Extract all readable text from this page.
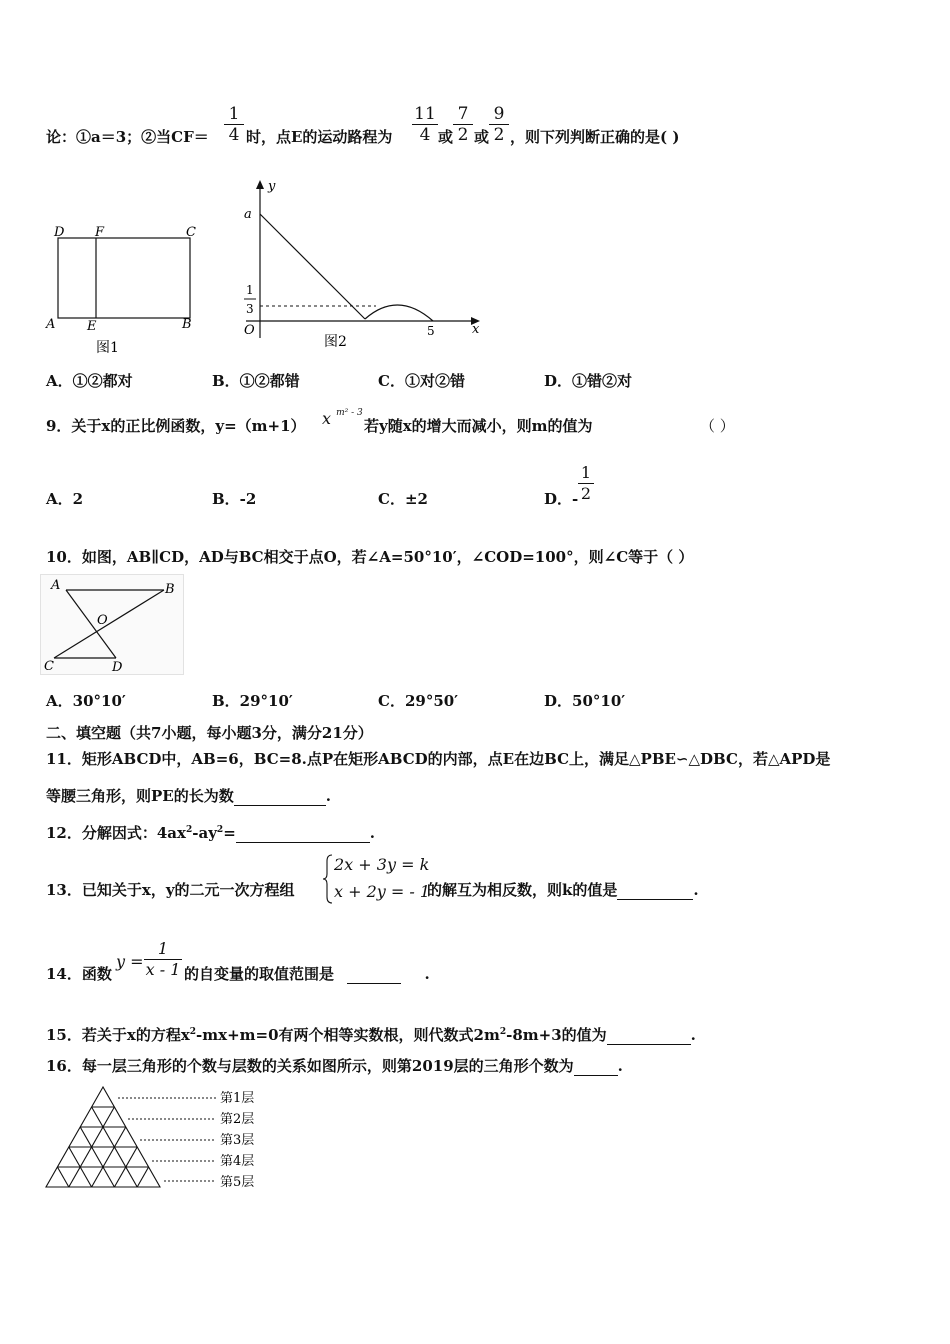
论：①a＝3；②当$CF= \frac{1}{4}$ 时，点E的运动路程为 $\frac{11}{4}$ 或 $\frac{7}{2}$ 或 $\frac{9}{2}$ ，则下列判断正确的是( )
D F	C
A E	B
图1
y
a
1
3
O	5	x
图2
A．①②都对	B．①②都错	C．①对②错	D．①错②对
9．关于x的正比例函数，y=（m+1） x $^{m^2 - 3}$
若y随x的增大而减小，则m的值为	（ ）
A．2	B．-2	C．±2	D．- $\frac{1}{2}$
10．如图，AB∥CD，AD与BC相交于点O，若∠A=50°10′，∠COD=100°，则∠C等于（ ）
A	B
O
C	D
A．30°10′	B．29°10′	C．29°50′	D．50°10′
二、填空题（共7小题，每小题3分，满分21分）
11．矩形ABCD中，AB=6，BC=8.点P在矩形ABCD的内部，点E在边BC上，满足△PBE∽△DBC，若△APD是
等腰三角形，则PE的长为数	.
12．分解因式：$4ax^2-ay^2=$	.
13．已知关于x，y的二元一次方程组
2x + 3y = k
x + 2y = - 1
的解互为相反数，则k的值是	.
14．函数
$y = \frac{1}{x - 1}$ 的自变量的取值范围是	.
15．若关于x的方程$x^2-mx+m=0$有两个相等实数根，则代数式$2m^2-8m+3$的值为	.
16．每一层三角形的个数与层数的关系如图所示，则第2019层的三角形个数为	.
第1层
第2层
第3层
第4层
第5层
